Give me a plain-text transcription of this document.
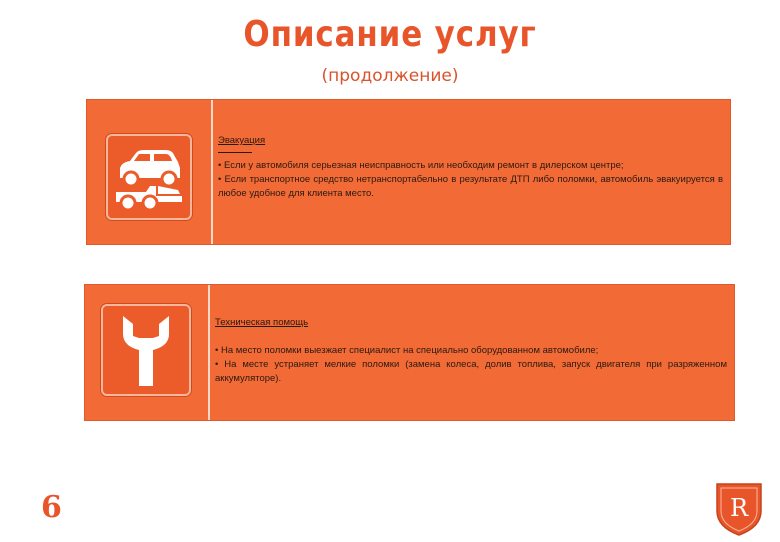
Описание услуг
(продолжение)

Эвакуация

• Если у автомобиля серьезная неисправность или необходим ремонт в дилерском центре;

• Если транспортное средство нетранспортабельно в результате ДТП либо поломки, автомобиль эвакуируется в любое удобное для клиента место.

Техническая помощь

• На место поломки выезжает специалист на специально оборудованном автомобиле;

• На месте устраняет мелкие поломки (замена колеса, долив топлива, запуск двигателя при разряженном аккумуляторе).

6	R
